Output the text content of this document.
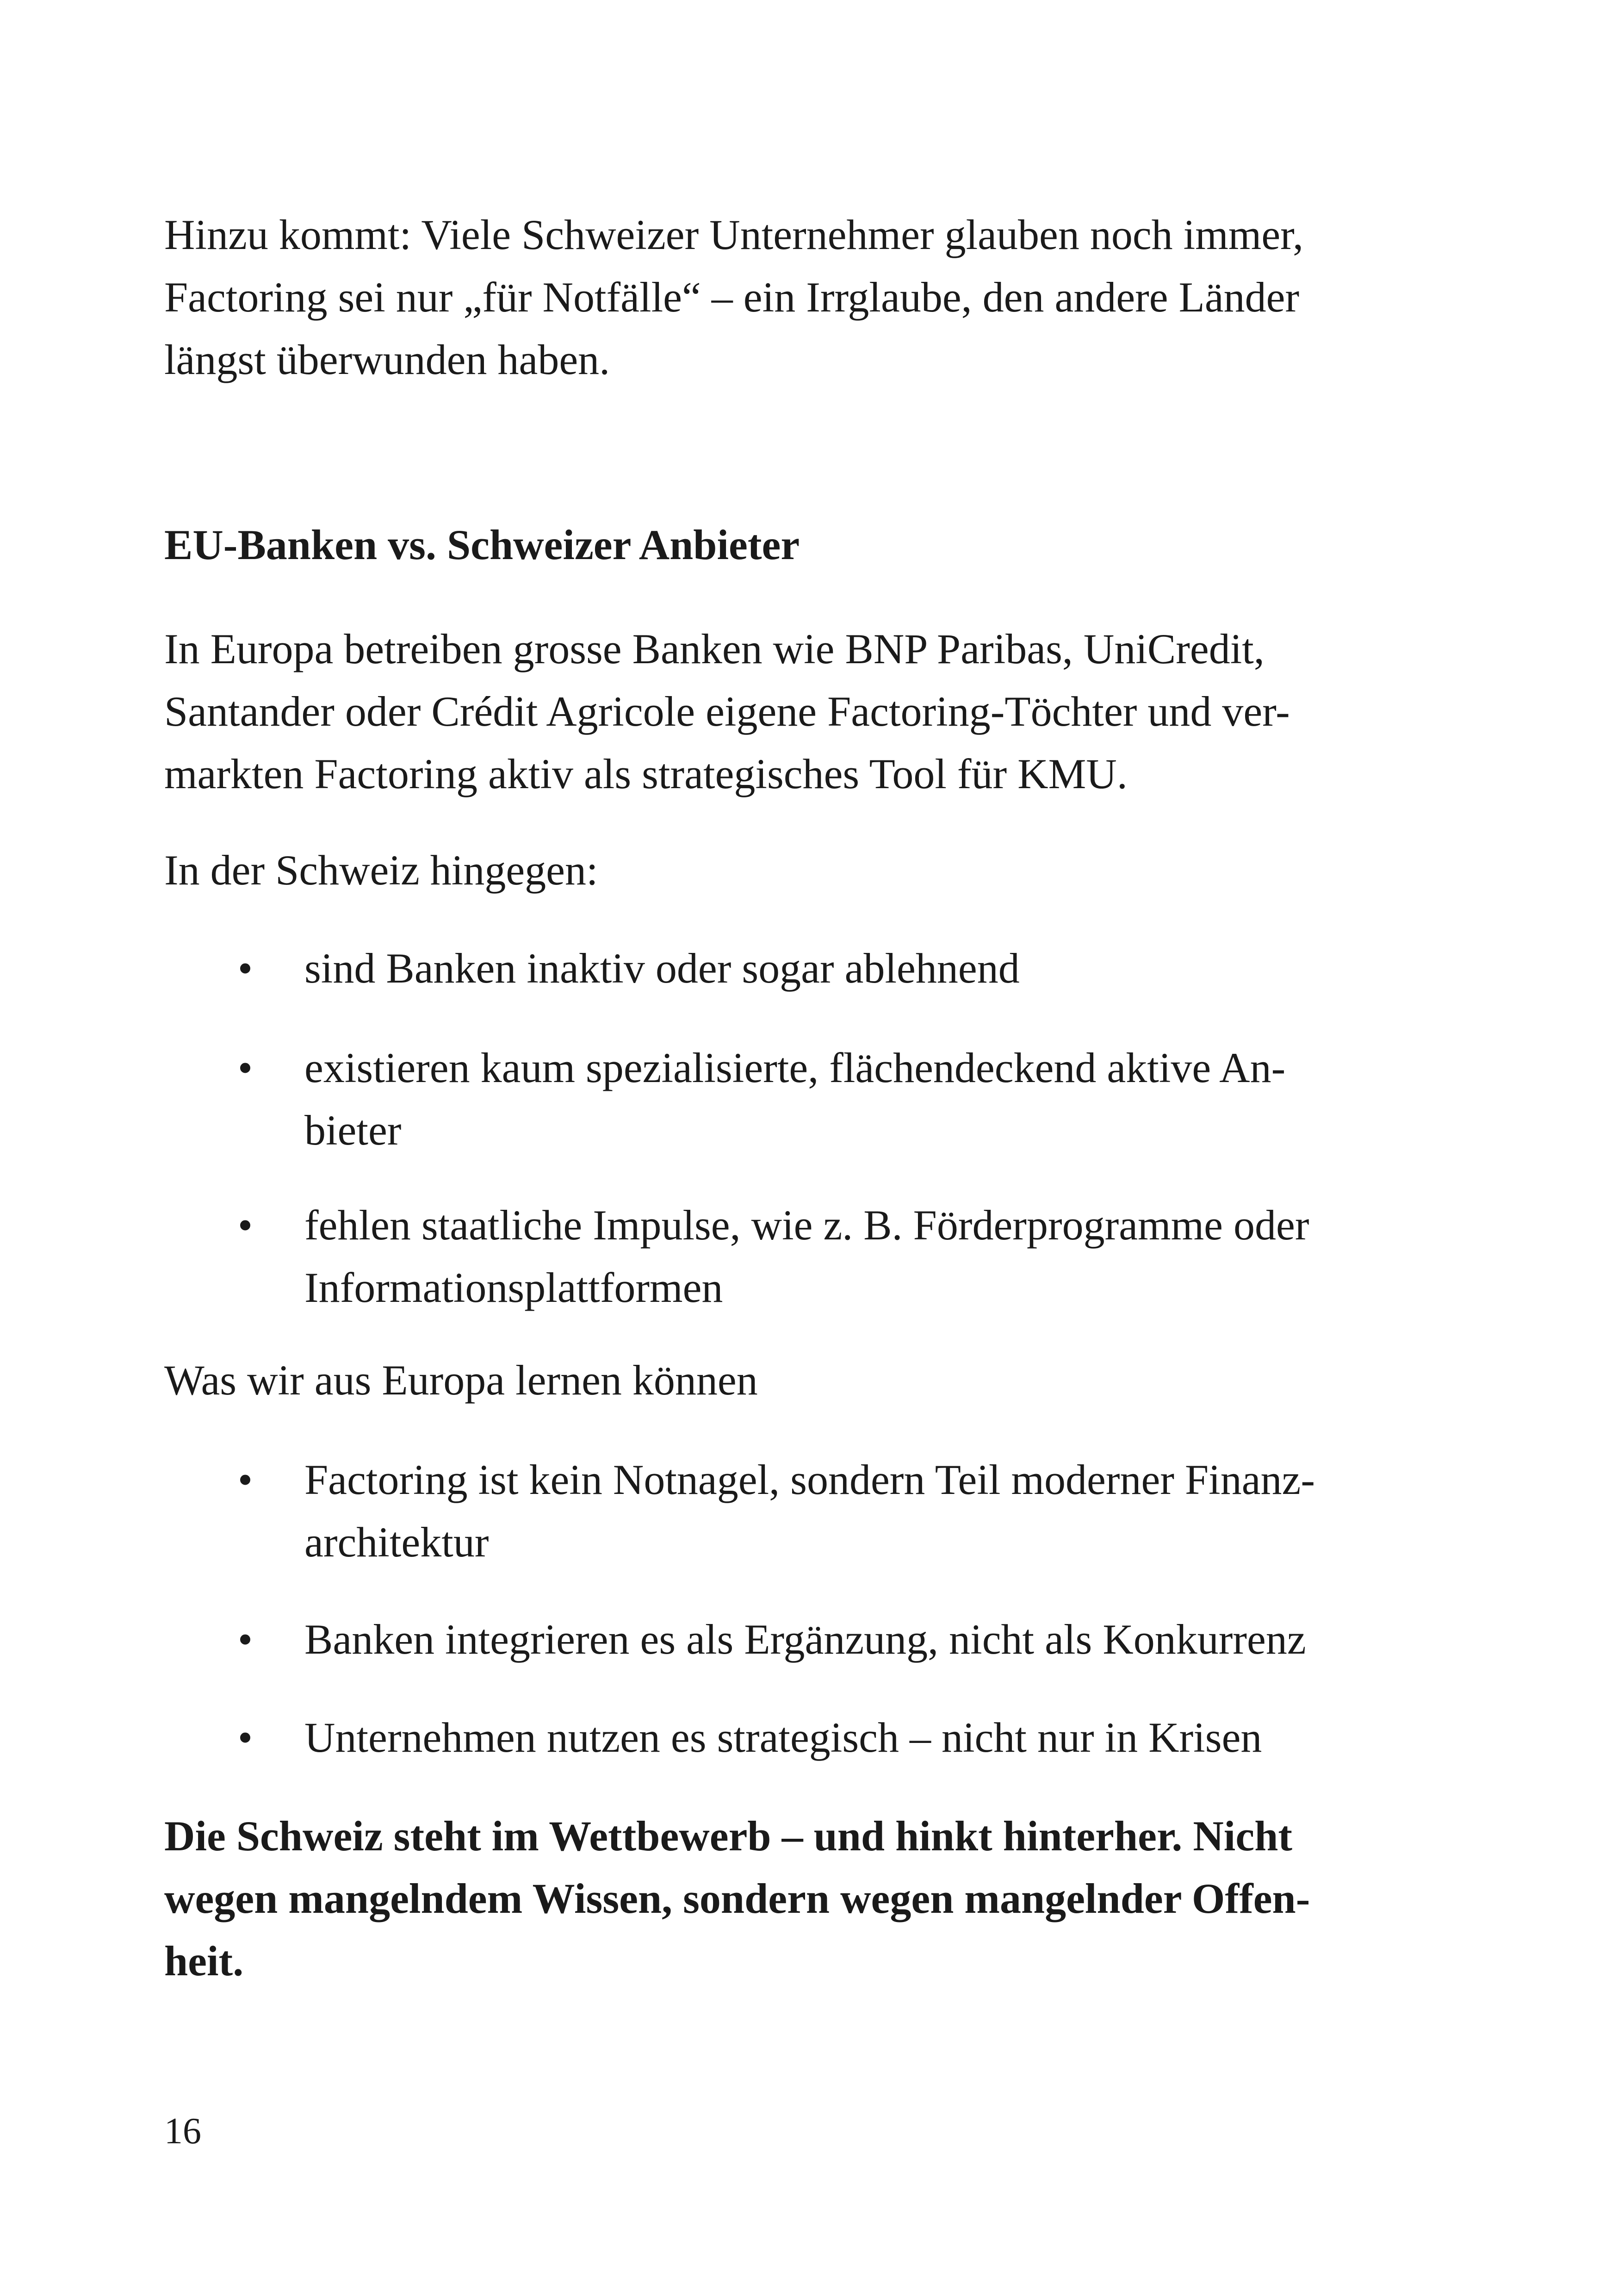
Hinzu kommt: Viele Schweizer Unternehmer glauben noch immer,
Factoring sei nur „für Notfälle“ – ein Irrglaube, den andere Länder
längst überwunden haben.
EU-Banken vs. Schweizer Anbieter
In Europa betreiben grosse Banken wie BNP Paribas, UniCredit,
Santander oder Crédit Agricole eigene Factoring-Töchter und ver-
markten Factoring aktiv als strategisches Tool für KMU.
In der Schweiz hingegen:
• sind Banken inaktiv oder sogar ablehnend
• existieren kaum spezialisierte, flächendeckend aktive An-
bieter
• fehlen staatliche Impulse, wie z. B. Förderprogramme oder
Informationsplattformen
Was wir aus Europa lernen können
• Factoring ist kein Notnagel, sondern Teil moderner Finanz-
architektur
• Banken integrieren es als Ergänzung, nicht als Konkurrenz
• Unternehmen nutzen es strategisch – nicht nur in Krisen
Die Schweiz steht im Wettbewerb – und hinkt hinterher. Nicht
wegen mangelndem Wissen, sondern wegen mangelnder Offen-
heit.
16
